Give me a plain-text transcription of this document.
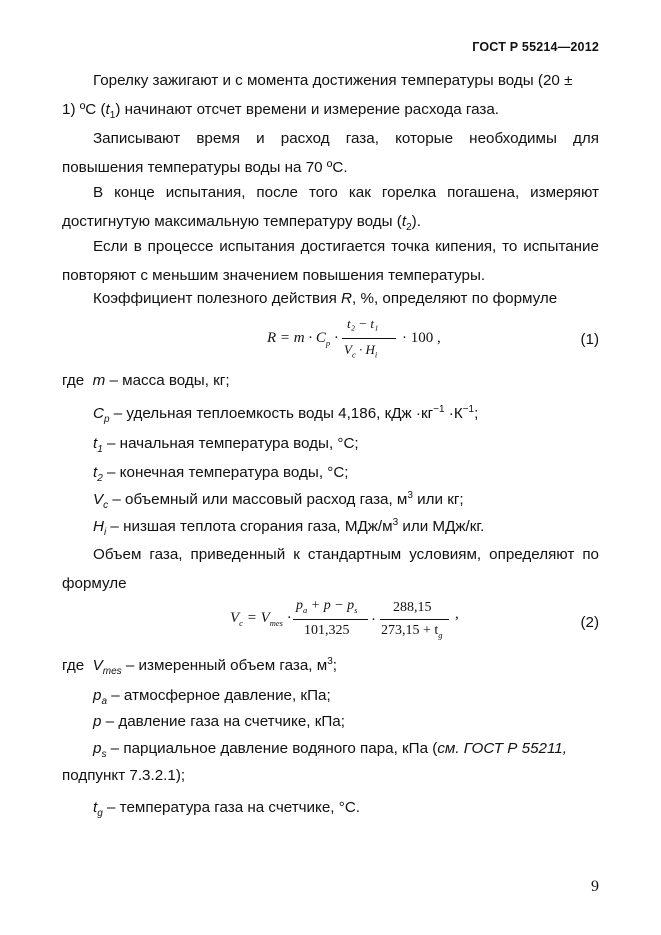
ГОСТ Р 55214—2012
Горелку зажигают и с момента достижения температуры воды (20 ±
1) ºС $(t_1)$ начинают отсчет времени и измерение расхода газа.

Записывают время и расход газа, которые необходимы для повышения температуры воды на 70 ºС.

В конце испытания, после того как горелка погашена, измеряют достигнутую максимальную температуру воды $(t_2)$.

Если в процессе испытания достигается точка кипения, то испытание повторяют с меньшим значением повышения температуры.

Коэффициент полезного действия R, %, определяют по формуле
$R = m \cdot C_p$ ·
t₂ − t₁
$V_c \cdot H_i$
· 100 ,	(1)
где m – масса воды, кг;
$C_p$ – удельная теплоемкость воды 4,186, кДж $\cdot кг^{-1} \cdot К^{-1}$;
$t_1$ – начальная температура воды, °С;
$t_2$ – конечная температура воды, °С;
$V_c$ – объемный или массовый расход газа, $м^3$ или кг;
$H_i$ – низшая теплота сгорания газа, МДж/$м^3$ или МДж/кг.

Объем газа, приведенный к стандартным условиям, определяют по формуле

$V_c = V_{mes}$ ·
$p_a + p - p_s$
101,325
·
288,15
$273,15 + t_g$
,	(2)
где $V_{mes}$ – измеренный объем газа, $м^3$;
$p_a$ – атмосферное давление, кПа;
p – давление газа на счетчике, кПа;
$p_s$ – парциальное давление водяного пара, кПа (см. ГОСТ Р 55211,
подпункт 7.3.2.1);
$t_g$ – температура газа на счетчике, °С.
9
